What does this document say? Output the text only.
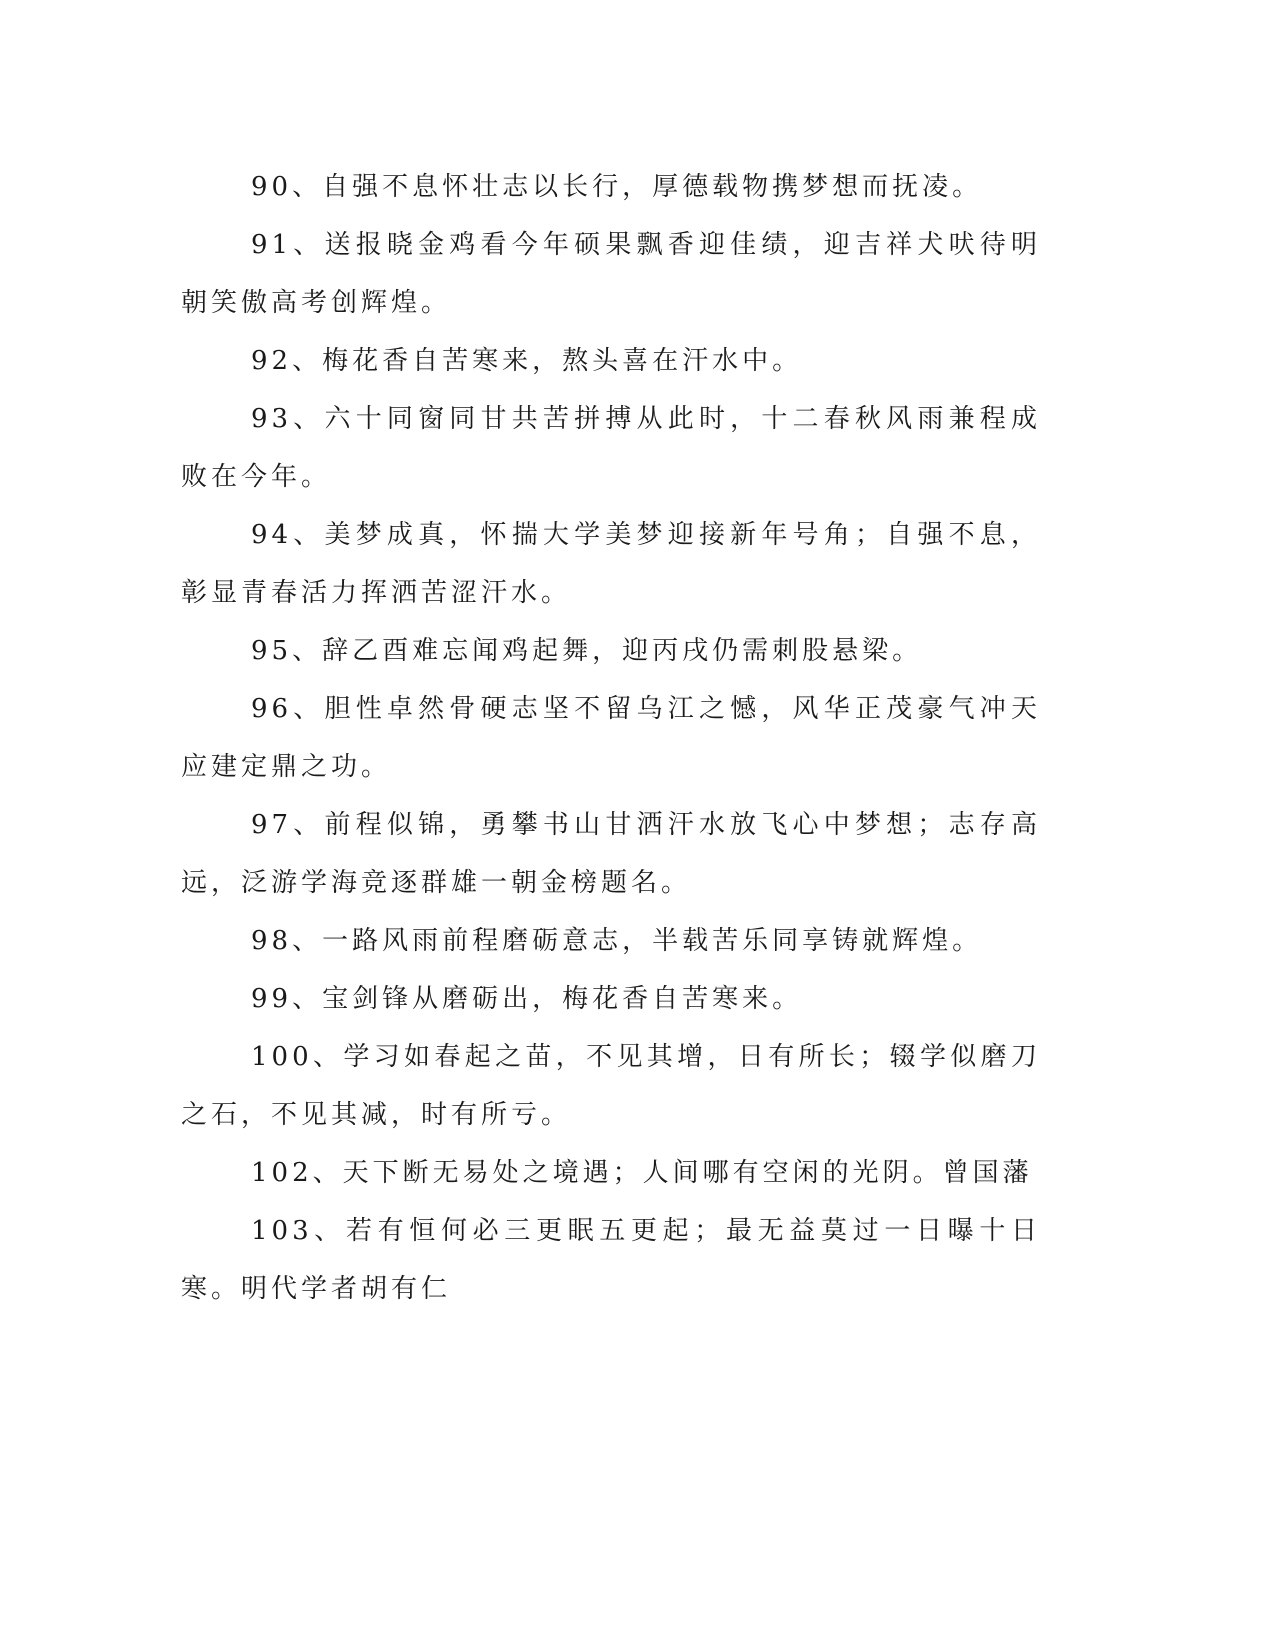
90、自强不息怀壮志以长行，厚德载物携梦想而抚凌。

91、送报晓金鸡看今年硕果飘香迎佳绩，迎吉祥犬吠待明朝笑傲高考创辉煌。

92、梅花香自苦寒来，熬头喜在汗水中。

93、六十同窗同甘共苦拼搏从此时，十二春秋风雨兼程成败在今年。

94、美梦成真，怀揣大学美梦迎接新年号角；自强不息，彰显青春活力挥洒苦涩汗水。

95、辞乙酉难忘闻鸡起舞，迎丙戌仍需刺股悬梁。

96、胆性卓然骨硬志坚不留乌江之憾，风华正茂豪气冲天应建定鼎之功。

97、前程似锦，勇攀书山甘洒汗水放飞心中梦想；志存高远，泛游学海竞逐群雄一朝金榜题名。

98、一路风雨前程磨砺意志，半载苦乐同享铸就辉煌。

99、宝剑锋从磨砺出，梅花香自苦寒来。

100、学习如春起之苗，不见其增，日有所长；辍学似磨刀之石，不见其减，时有所亏。

102、天下断无易处之境遇；人间哪有空闲的光阴。曾国藩

103、若有恒何必三更眠五更起；最无益莫过一日曝十日寒。明代学者胡有仁
